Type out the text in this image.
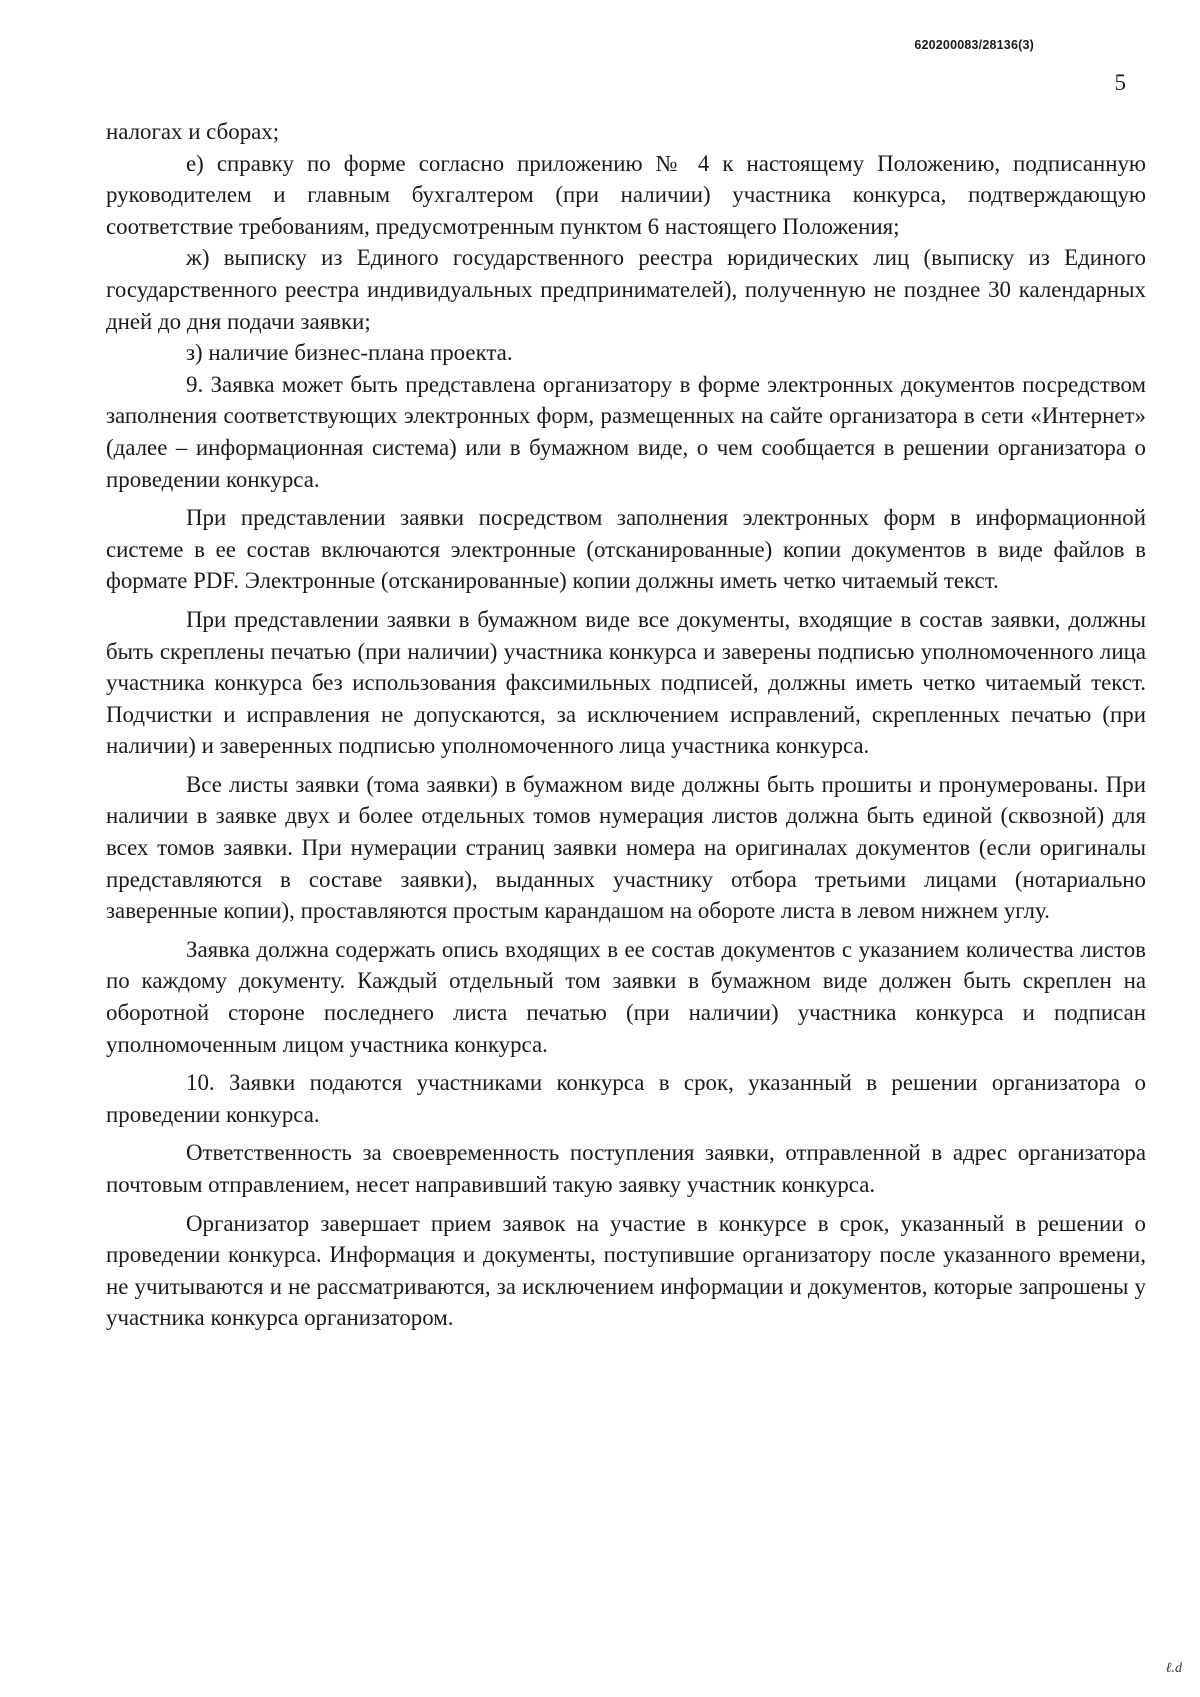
620200083/28136(3)
5

налогах и сборах;

е) справку по форме согласно приложению № 4 к настоящему Положению, подписанную руководителем и главным бухгалтером (при наличии) участника конкурса, подтверждающую соответствие требованиям, предусмотренным пунктом 6 настоящего Положения;

ж) выписку из Единого государственного реестра юридических лиц (выписку из Единого государственного реестра индивидуальных предпринимателей), полученную не позднее 30 календарных дней до дня подачи заявки;

з) наличие бизнес-плана проекта.

9. Заявка может быть представлена организатору в форме электронных документов посредством заполнения соответствующих электронных форм, размещенных на сайте организатора в сети «Интернет» (далее – информационная система) или в бумажном виде, о чем сообщается в решении организатора о проведении конкурса.

При представлении заявки посредством заполнения электронных форм в информационной системе в ее состав включаются электронные (отсканированные) копии документов в виде файлов в формате PDF. Электронные (отсканированные) копии должны иметь четко читаемый текст.

При представлении заявки в бумажном виде все документы, входящие в состав заявки, должны быть скреплены печатью (при наличии) участника конкурса и заверены подписью уполномоченного лица участника конкурса без использования факсимильных подписей, должны иметь четко читаемый текст. Подчистки и исправления не допускаются, за исключением исправлений, скрепленных печатью (при наличии) и заверенных подписью уполномоченного лица участника конкурса.

Все листы заявки (тома заявки) в бумажном виде должны быть прошиты и пронумерованы. При наличии в заявке двух и более отдельных томов нумерация листов должна быть единой (сквозной) для всех томов заявки. При нумерации страниц заявки номера на оригиналах документов (если оригиналы представляются в составе заявки), выданных участнику отбора третьими лицами (нотариально заверенные копии), проставляются простым карандашом на обороте листа в левом нижнем углу.

Заявка должна содержать опись входящих в ее состав документов с указанием количества листов по каждому документу. Каждый отдельный том заявки в бумажном виде должен быть скреплен на оборотной стороне последнего листа печатью (при наличии) участника конкурса и подписан уполномоченным лицом участника конкурса.

10. Заявки подаются участниками конкурса в срок, указанный в решении организатора о проведении конкурса.

Ответственность за своевременность поступления заявки, отправленной в адрес организатора почтовым отправлением, несет направивший такую заявку участник конкурса.

Организатор завершает прием заявок на участие в конкурсе в срок, указанный в решении о проведении конкурса. Информация и документы, поступившие организатору после указанного времени, не учитываются и не рассматриваются, за исключением информации и документов, которые запрошены у участника конкурса организатором.

ℓ.d
